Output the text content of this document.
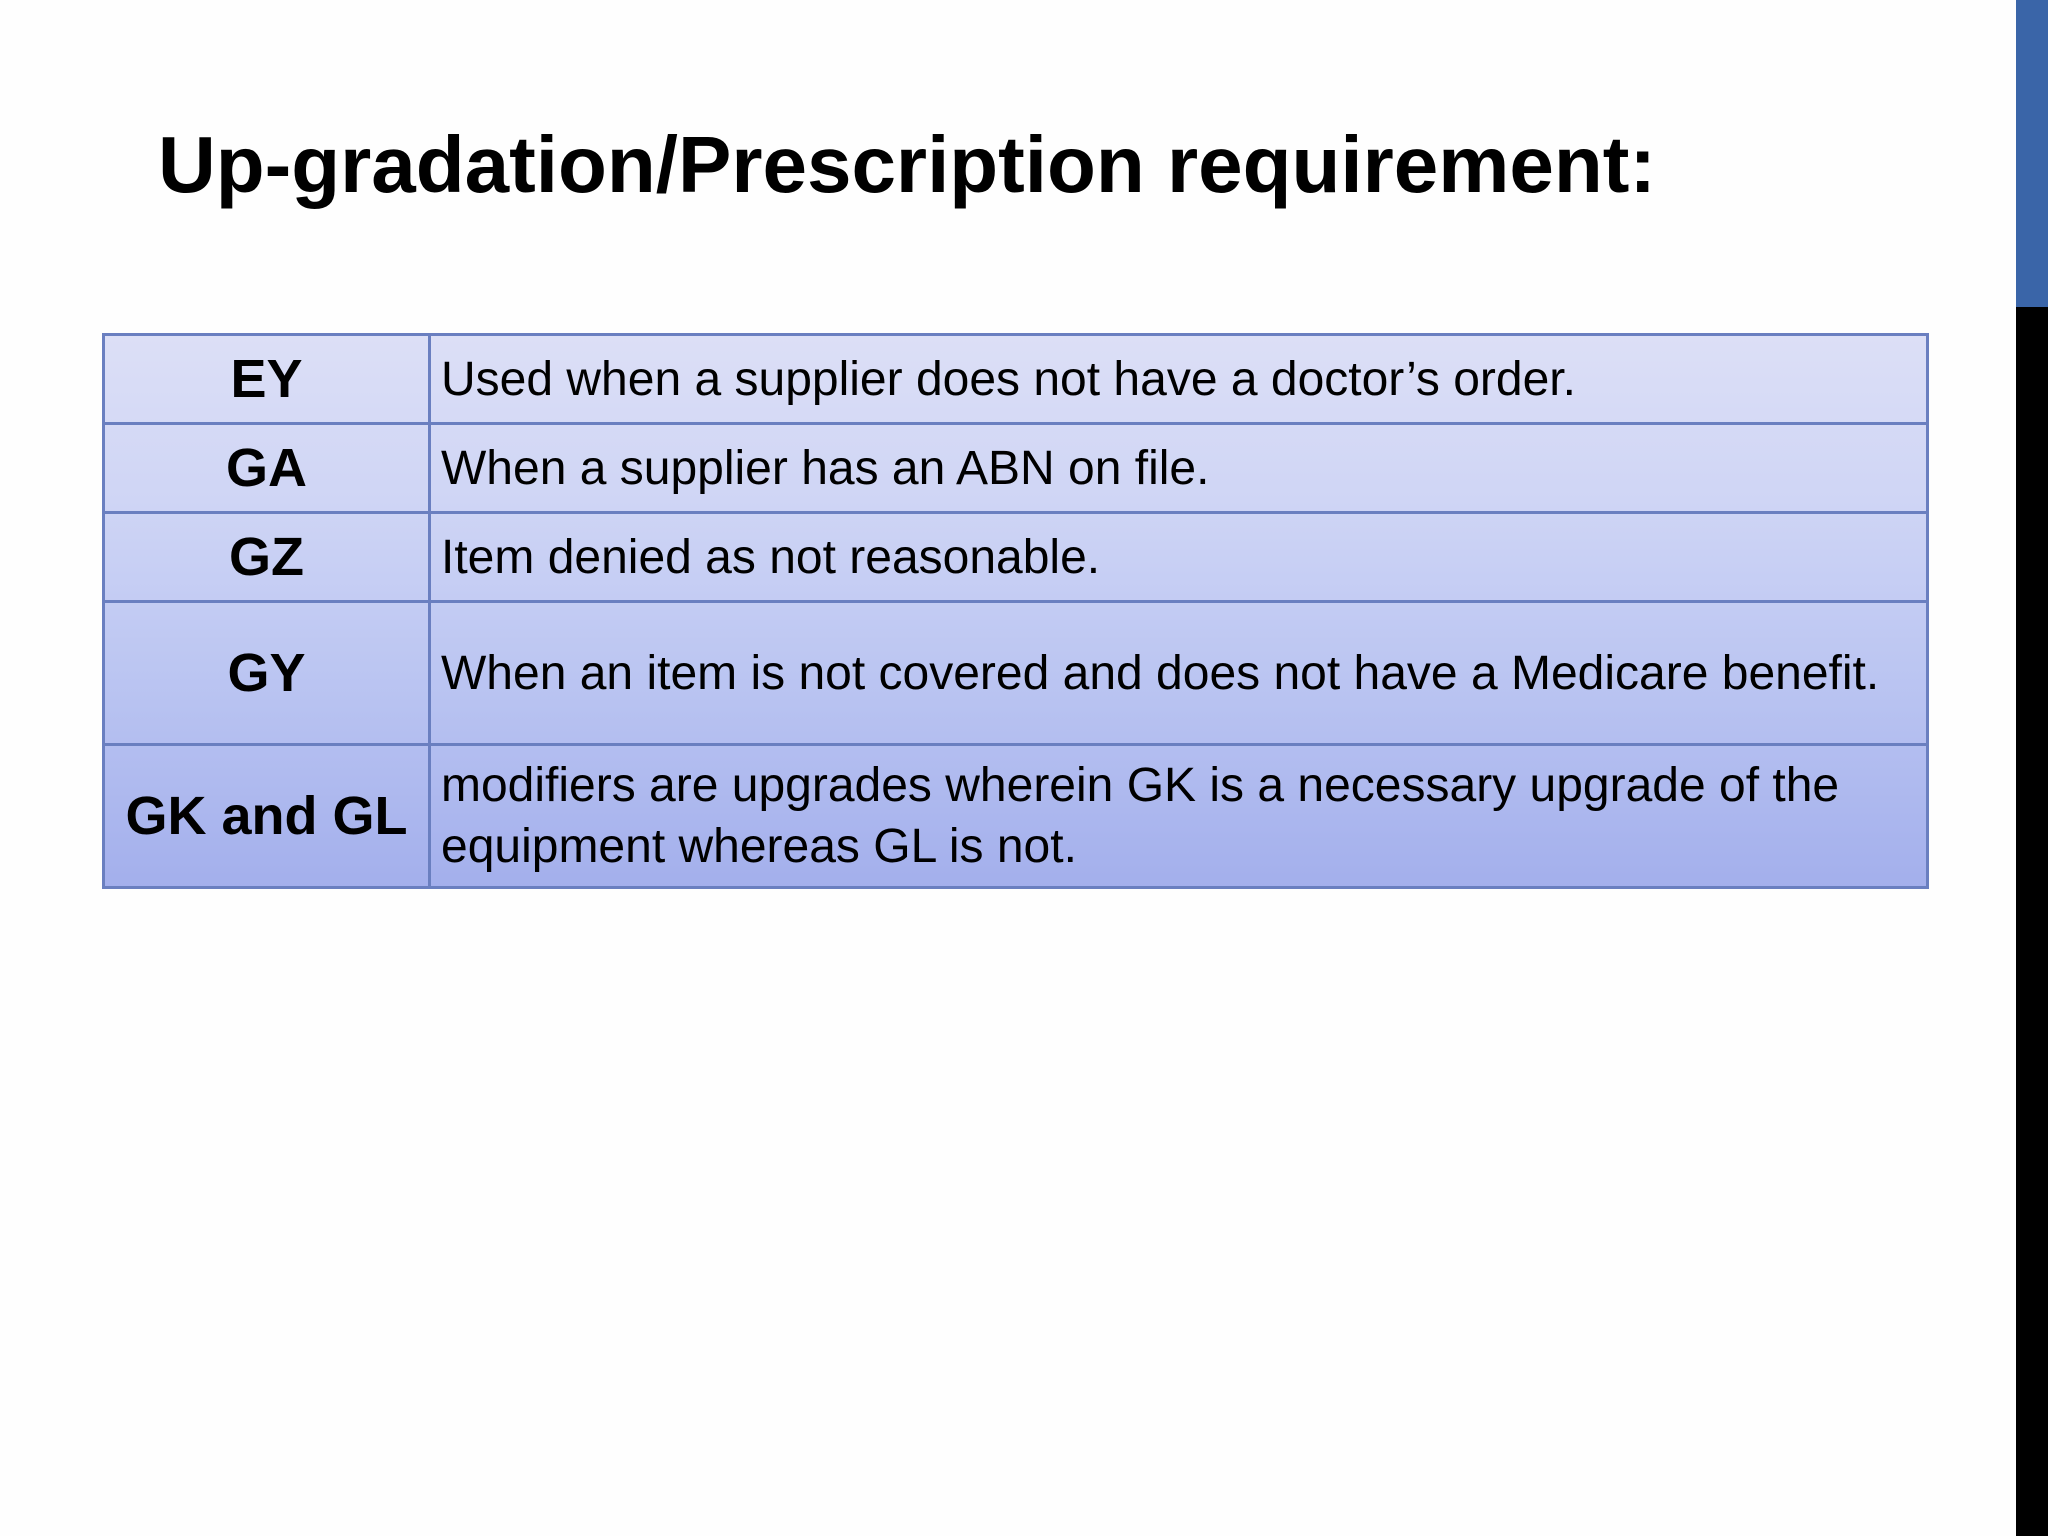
Up-gradation/Prescription requirement:
EY	Used when a supplier does not have a doctor’s order.
GA	When a supplier has an ABN on file.
GZ	Item denied as not reasonable.
GY	When an item is not covered and does not have a Medicare benefit.
GK and GL	modifiers are upgrades wherein GK is a necessary upgrade of the equipment whereas GL is not.
